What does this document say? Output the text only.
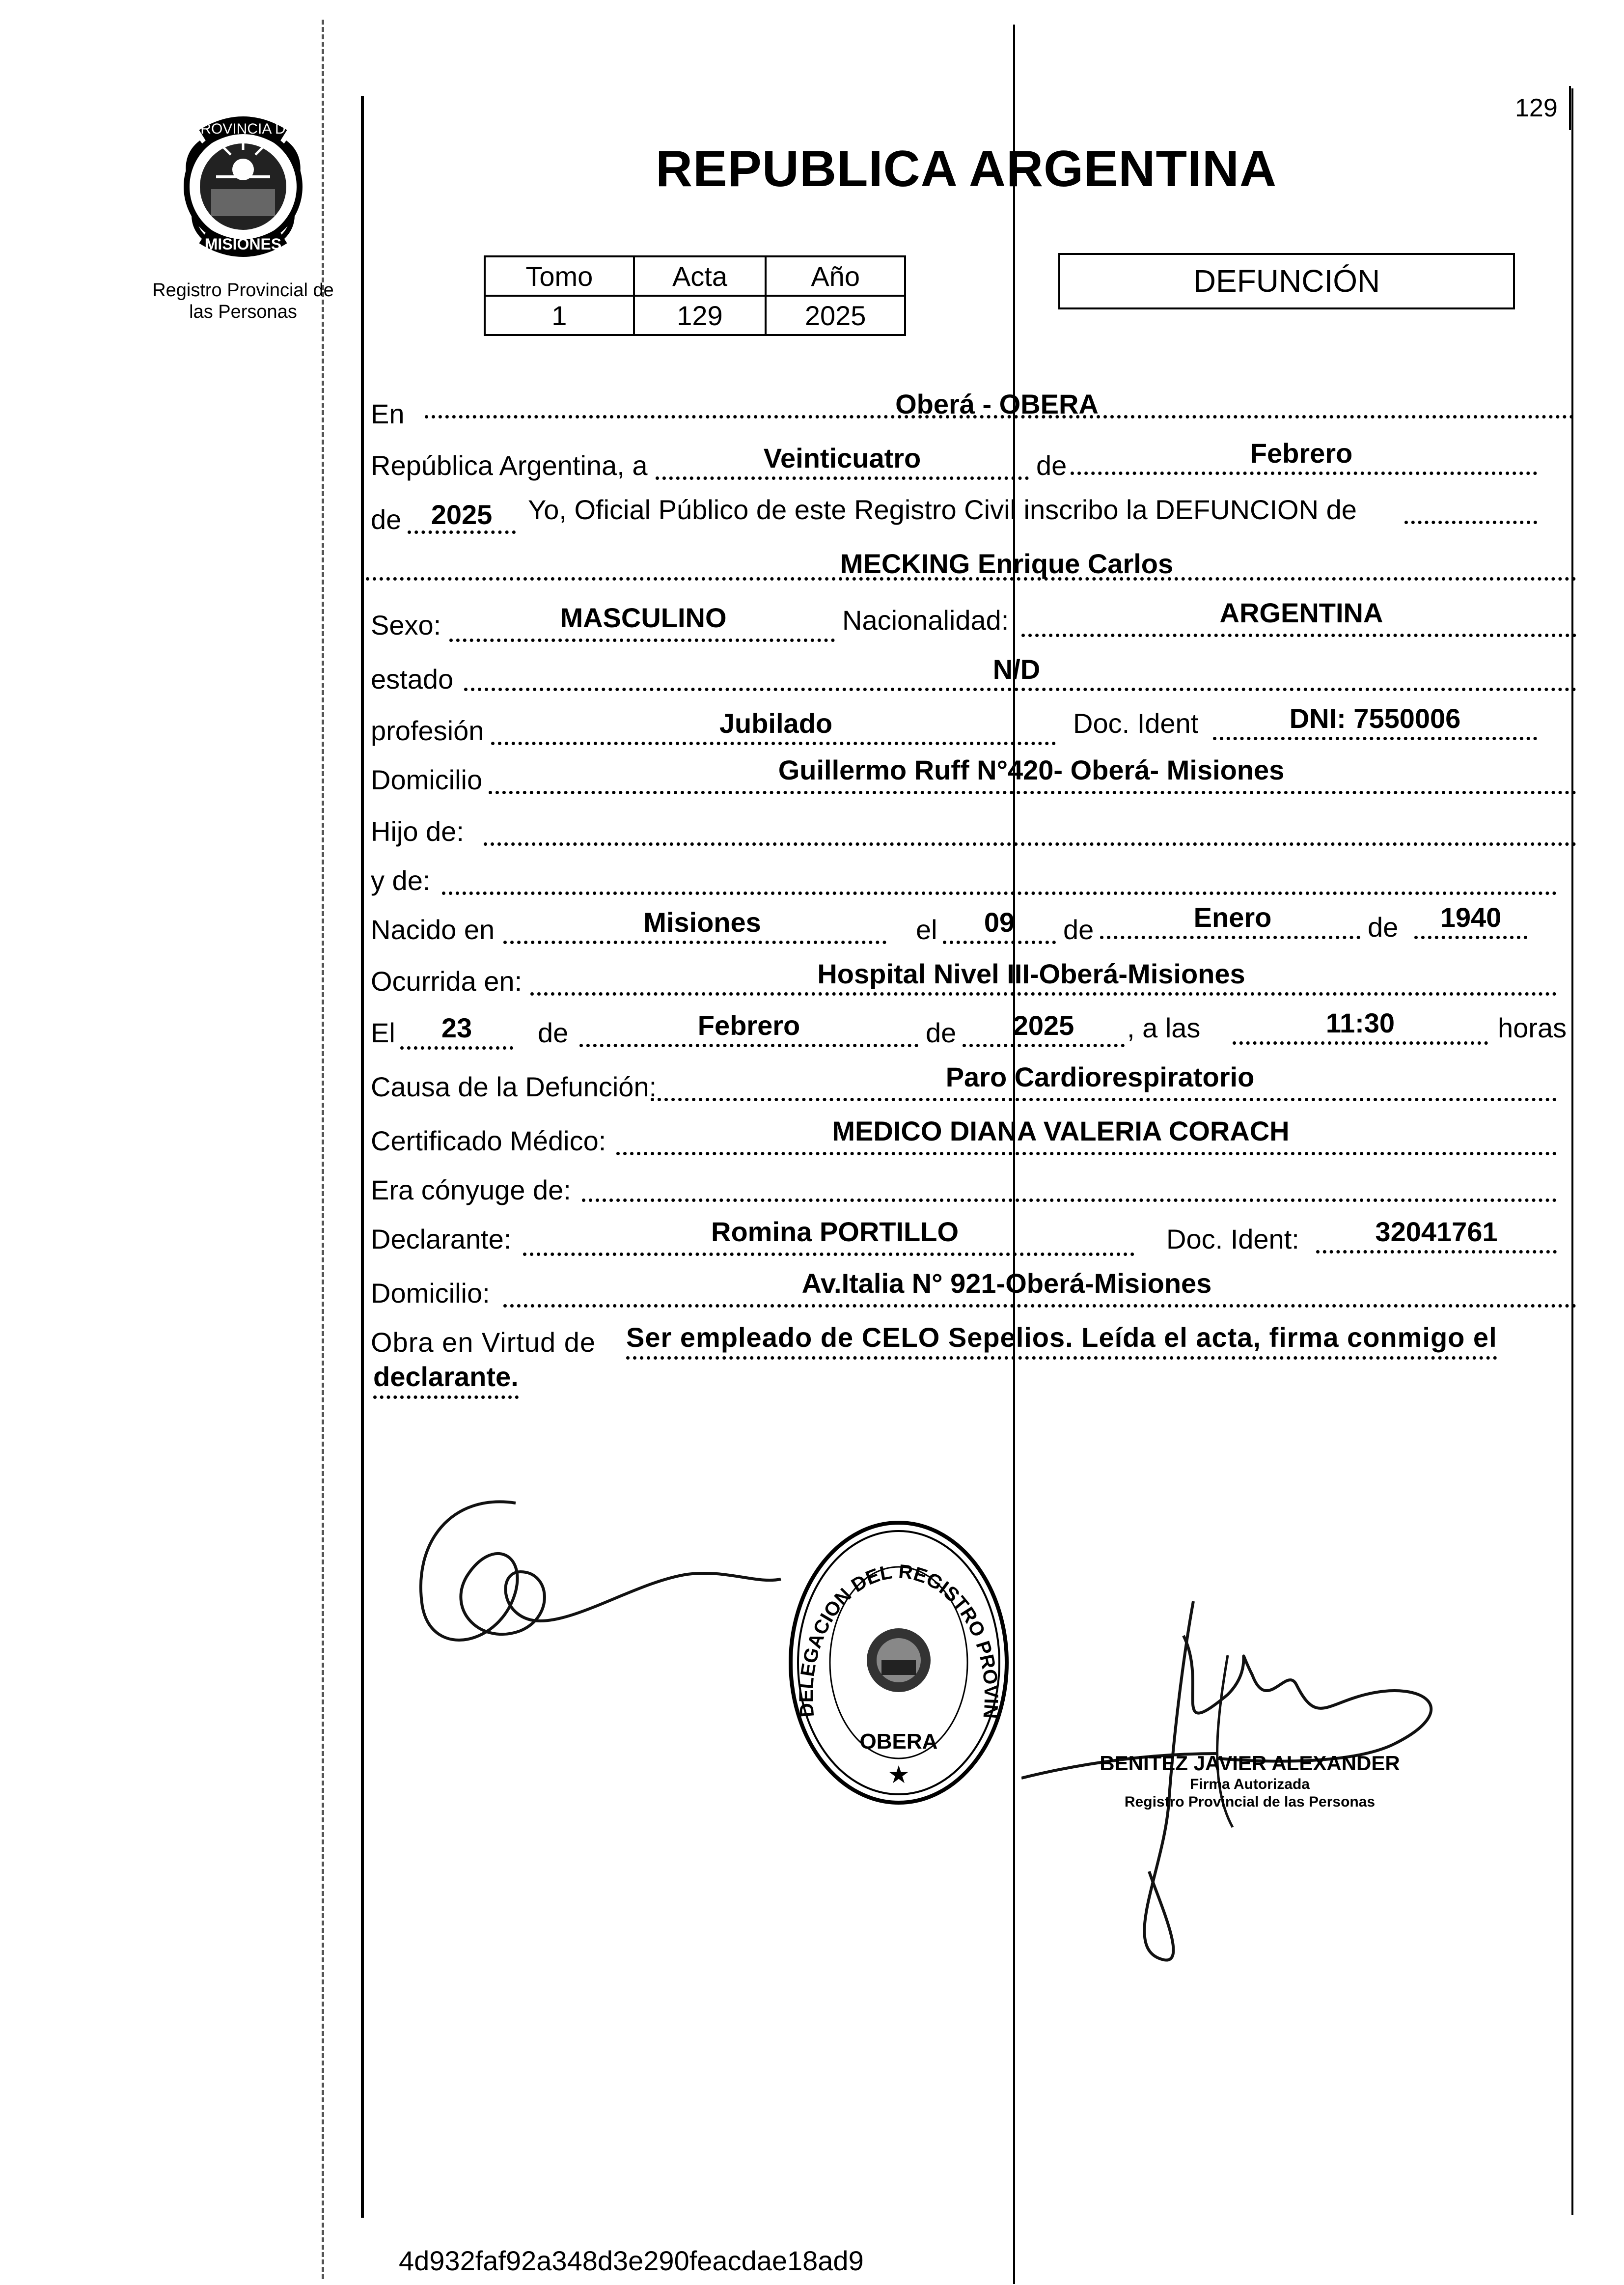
129
PROVINCIA DE
MISIONES
Registro Provincial de las Personas
REPUBLICA ARGENTINA
Tomo	Acta	Año
1	129	2025
DEFUNCIÓN
En	Oberá - OBERA
República Argentina, a	Veinticuatro	de	Febrero
de	2025	Yo, Oficial Público de este Registro Civil inscribo la DEFUNCION de
MECKING Enrique Carlos
Sexo:	MASCULINO	Nacionalidad:	ARGENTINA
estado	N/D
profesión	Jubilado	Doc. Ident	DNI: 7550006
Domicilio	Guillermo Ruff N°420- Oberá- Misiones
Hijo de:
y de:
Nacido en	Misiones	el	09	de	Enero	de	1940
Ocurrida en:	Hospital Nivel III-Oberá-Misiones
El	23	de	Febrero	de	2025	, a las	11:30	horas
Causa de la Defunción:	Paro Cardiorespiratorio
Certificado Médico:	MEDICO DIANA VALERIA CORACH
Era cónyuge de:
Declarante:	Romina PORTILLO	Doc. Ident:	32041761
Domicilio:	Av.Italia N° 921-Oberá-Misiones
Obra en Virtud de Ser empleado de CELO Sepelios. Leída el acta, firma conmigo el
declarante.
DELEGACION DEL REGISTRO PROVIN
OBERA
★	BENITEZ JAVIER ALEXANDER
Firma Autorizada
Registro Provincial de las Personas
4d932faf92a348d3e290feacdae18ad9
